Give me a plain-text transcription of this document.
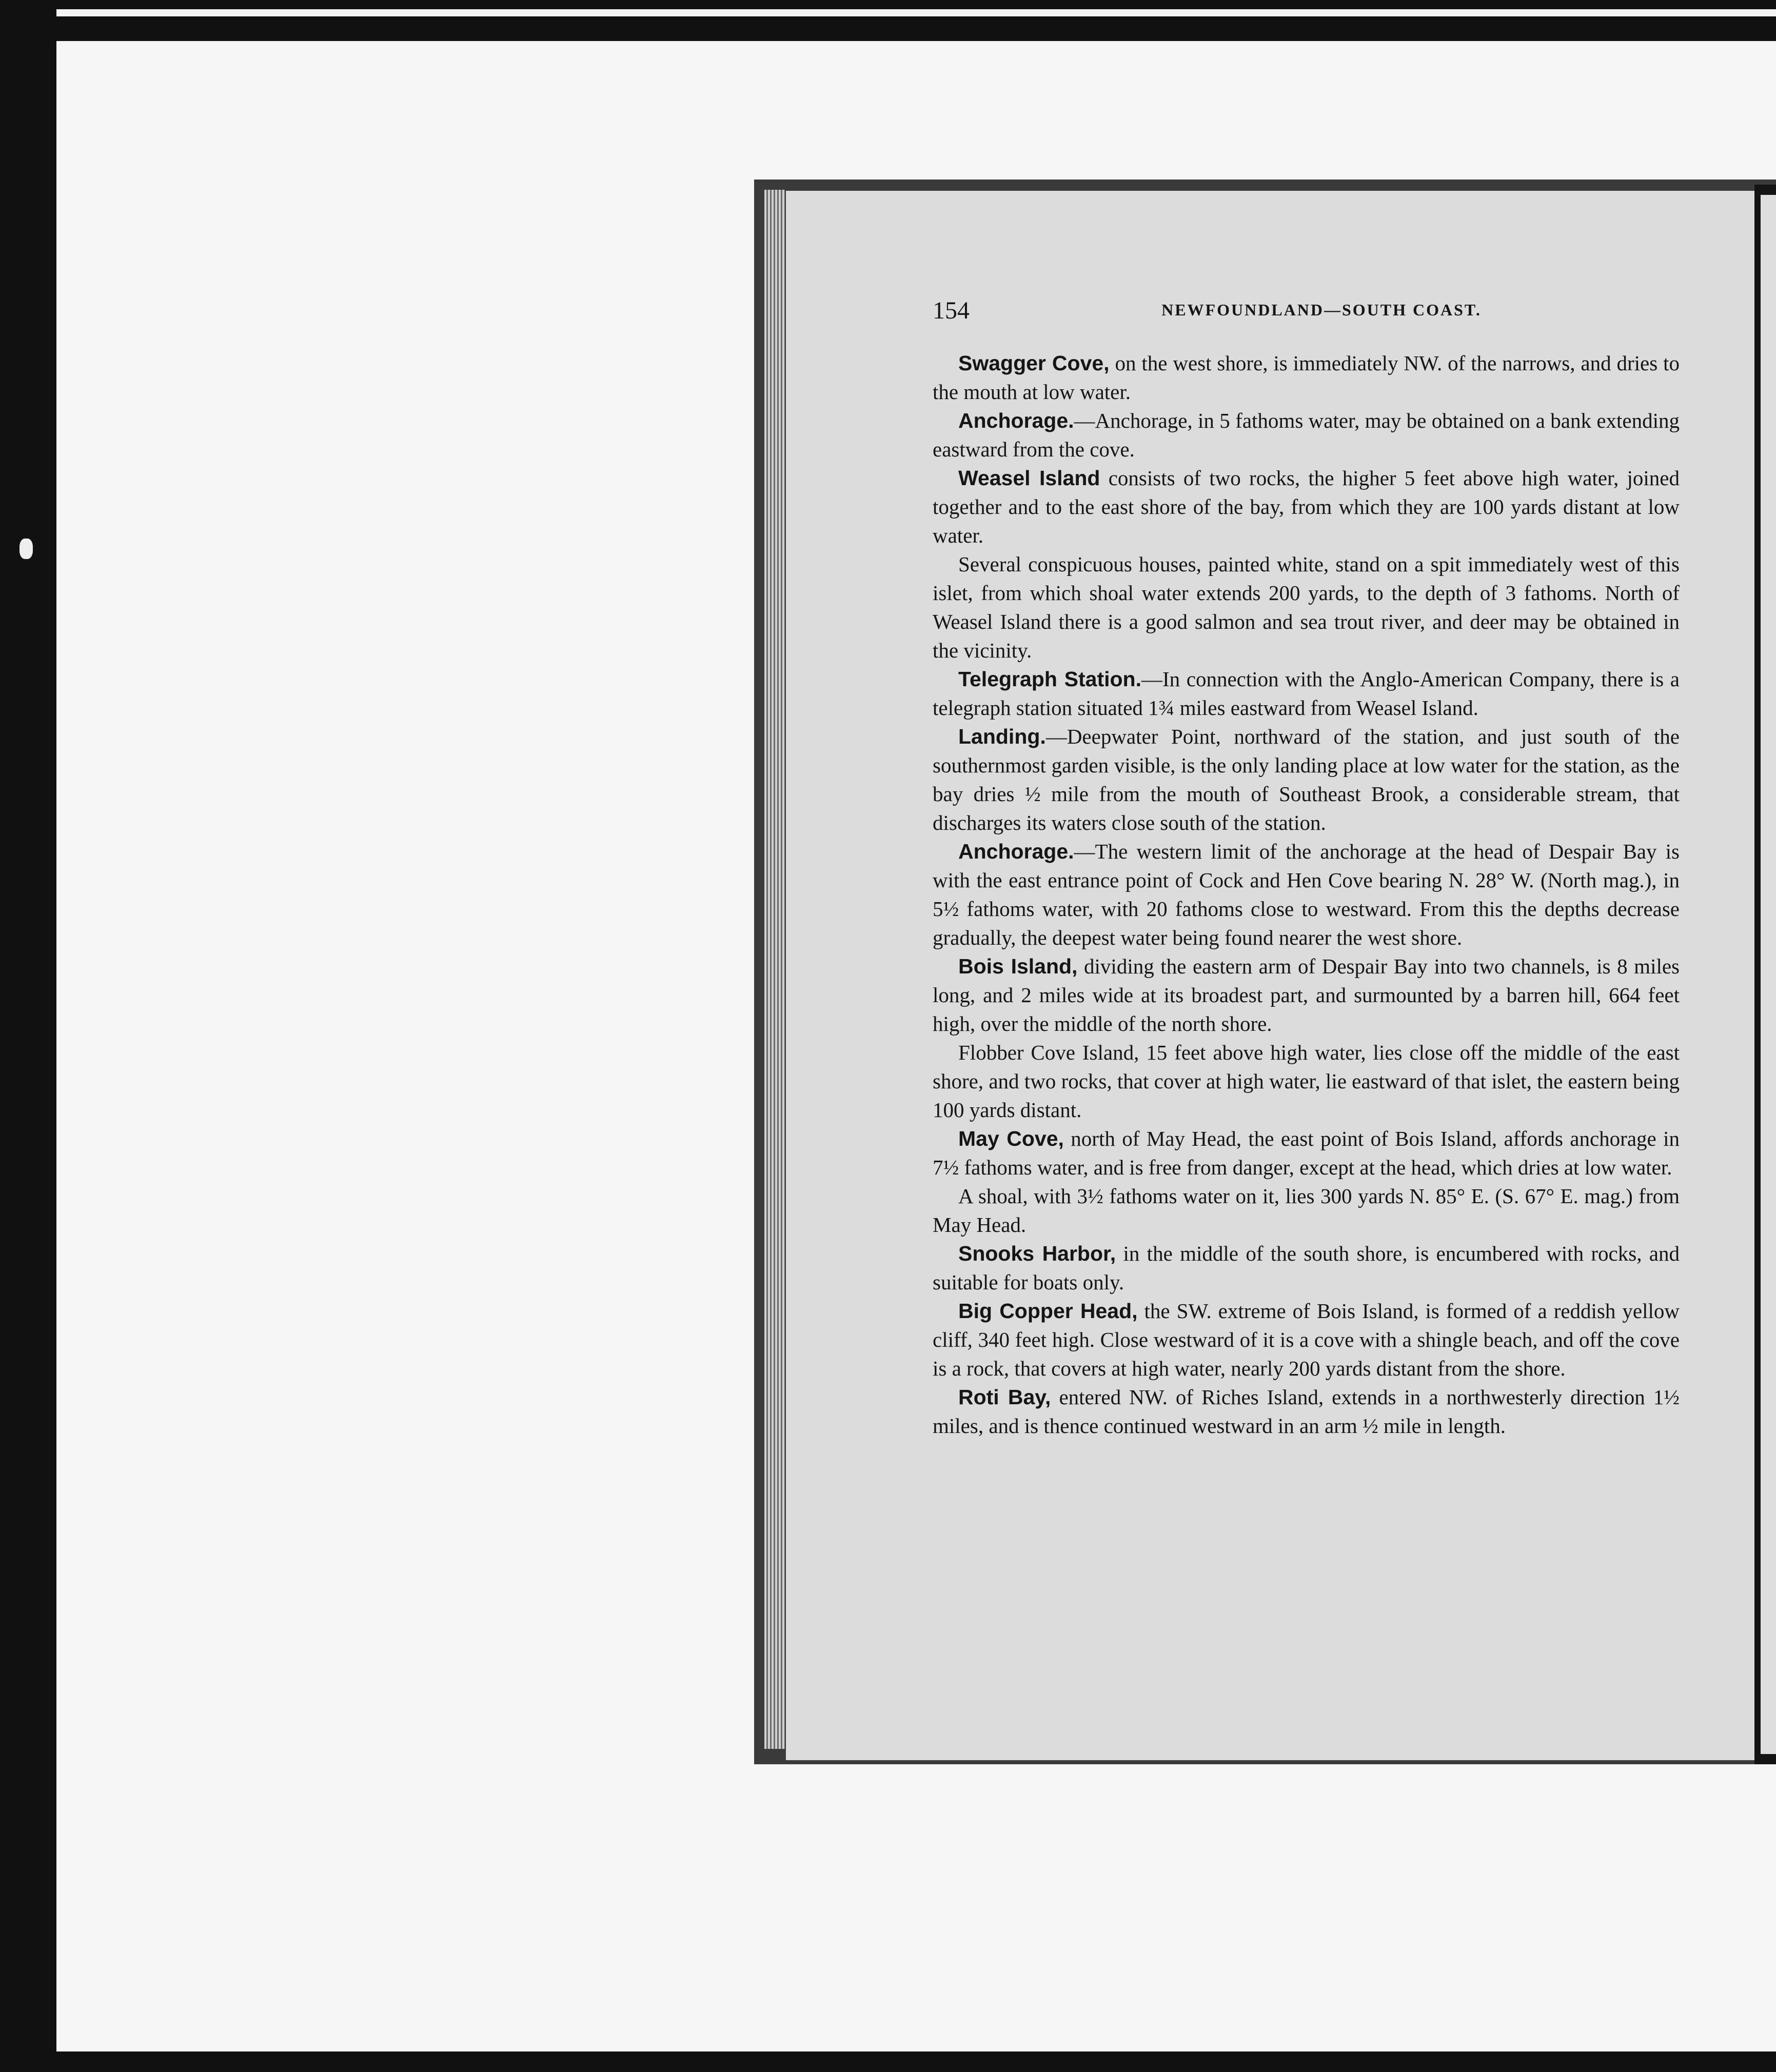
154	NEWFOUNDLAND—SOUTH COAST.

Swagger Cove, on the west shore, is immediately NW. of the narrows, and dries to the mouth at low water.

Anchorage.—Anchorage, in 5 fathoms water, may be obtained on a bank extending eastward from the cove.

Weasel Island consists of two rocks, the higher 5 feet above high water, joined together and to the east shore of the bay, from which they are 100 yards distant at low water.

Several conspicuous houses, painted white, stand on a spit immediately west of this islet, from which shoal water extends 200 yards, to the depth of 3 fathoms. North of Weasel Island there is a good salmon and sea trout river, and deer may be obtained in the vicinity.

Telegraph Station.—In connection with the Anglo-American Company, there is a telegraph station situated 1¾ miles eastward from Weasel Island.

Landing.—Deepwater Point, northward of the station, and just south of the southernmost garden visible, is the only landing place at low water for the station, as the bay dries ½ mile from the mouth of Southeast Brook, a considerable stream, that discharges its waters close south of the station.

Anchorage.—The western limit of the anchorage at the head of Despair Bay is with the east entrance point of Cock and Hen Cove bearing N. 28° W. (North mag.), in 5½ fathoms water, with 20 fathoms close to westward. From this the depths decrease gradually, the deepest water being found nearer the west shore.

Bois Island, dividing the eastern arm of Despair Bay into two channels, is 8 miles long, and 2 miles wide at its broadest part, and surmounted by a barren hill, 664 feet high, over the middle of the north shore.

Flobber Cove Island, 15 feet above high water, lies close off the middle of the east shore, and two rocks, that cover at high water, lie eastward of that islet, the eastern being 100 yards distant.

May Cove, north of May Head, the east point of Bois Island, affords anchorage in 7½ fathoms water, and is free from danger, except at the head, which dries at low water.

A shoal, with 3½ fathoms water on it, lies 300 yards N. 85° E. (S. 67° E. mag.) from May Head.

Snooks Harbor, in the middle of the south shore, is encumbered with rocks, and suitable for boats only.

Big Copper Head, the SW. extreme of Bois Island, is formed of a reddish yellow cliff, 340 feet high. Close westward of it is a cove with a shingle beach, and off the cove is a rock, that covers at high water, nearly 200 yards distant from the shore.

Roti Bay, entered NW. of Riches Island, extends in a northwesterly direction 1½ miles, and is thence continued westward in an arm ½ mile in length.
